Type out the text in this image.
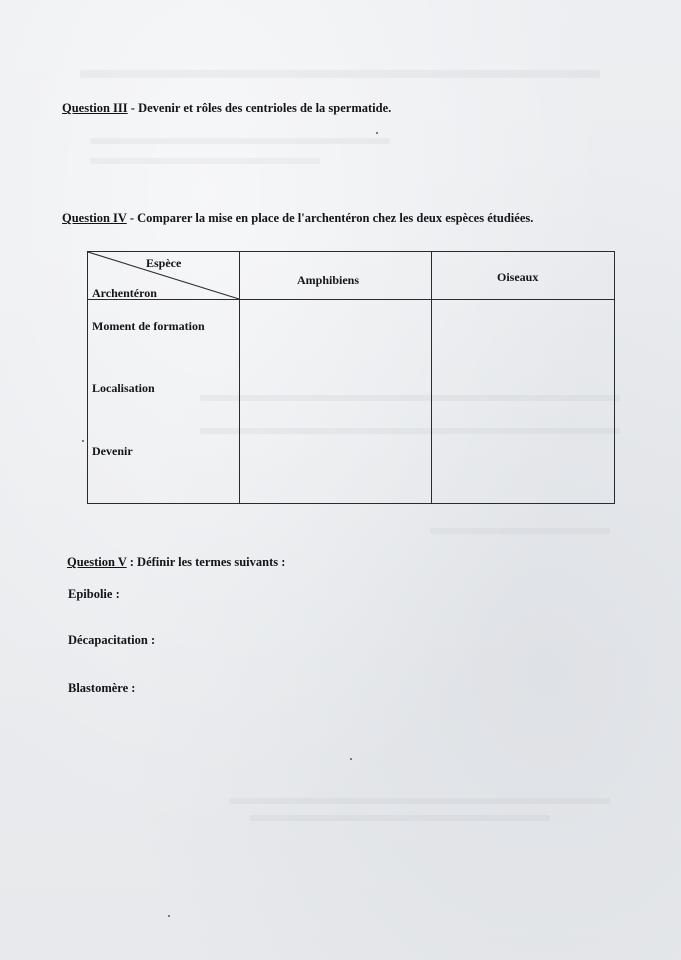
Question III - Devenir et rôles des centrioles de la spermatide.
Question IV - Comparer la mise en place de l'archentéron chez les deux espèces étudiées.
Espèce
Archentéron
Amphibiens	Oiseaux
Moment de formation
Localisation
Devenir
Question V : Définir les termes suivants :
Epibolie :
Décapacitation :
Blastomère :
